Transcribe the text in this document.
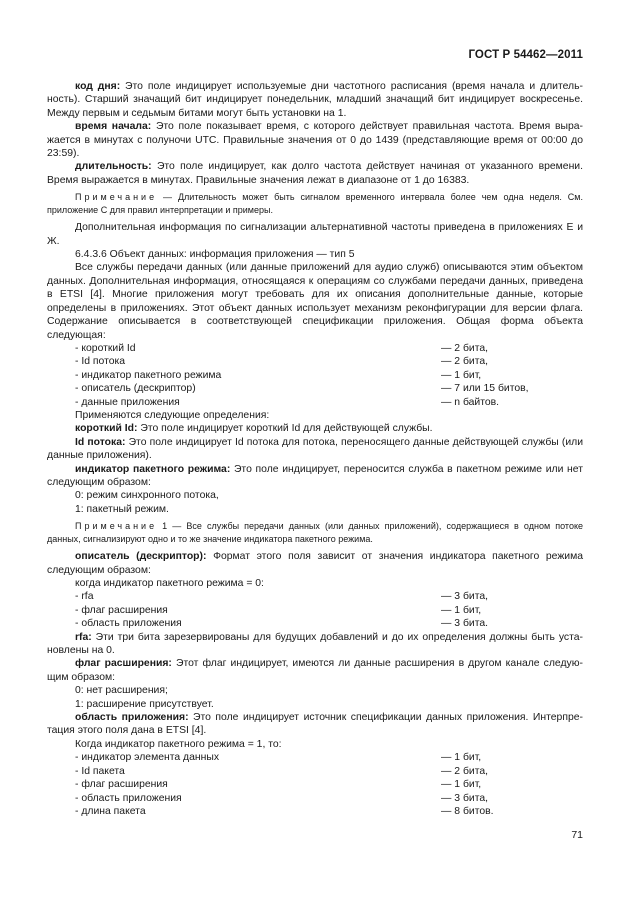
ГОСТ Р 54462—2011

код дня: Это поле индицирует используемые дни частотного расписания (время начала и длительность). Старший значащий бит индицирует понедельник, младший значащий бит индицирует воскресенье. Между первым и седьмым битами могут быть установки на 1.

время начала: Это поле показывает время, с которого действует правильная частота. Время выражается в минутах с полуночи UTC. Правильные значения от 0 до 1439 (представляющие время от 00:00 до 23:59).

длительность: Это поле индицирует, как долго частота действует начиная от указанного времени. Время выражается в минутах. Правильные значения лежат в диапазоне от 1 до 16383.

Примечание — Длительность может быть сигналом временного интервала более чем одна неделя. См. приложение С для правил интерпретации и примеры.

Дополнительная информация по сигнализации альтернативной частоты приведена в приложениях Е и Ж.

6.4.3.6 Объект данных: информация приложения — тип 5

Все службы передачи данных (или данные приложений для аудио служб) описываются этим объектом данных. Дополнительная информация, относящаяся к операциям со службами передачи данных, приведена в ETSI [4]. Многие приложения могут требовать для их описания дополнительные данные, которые определены в приложениях. Этот объект данных использует механизм реконфигурации для версии флага. Содержание описывается в соответствующей спецификации приложения. Общая форма объекта следующая:

- короткий Id	— 2 бита,
- Id потока	— 2 бита,
- индикатор пакетного режима	— 1 бит,
- описатель (дескриптор)	— 7 или 15 битов,
- данные приложения	— n байтов.

Применяются следующие определения:

короткий Id: Это поле индицирует короткий Id для действующей службы.

Id потока: Это поле индицирует Id потока для потока, переносящего данные действующей службы (или данные приложения).

индикатор пакетного режима: Это поле индицирует, переносится служба в пакетном режиме или нет следующим образом:

0: режим синхронного потока,

1: пакетный режим.

Примечание 1 — Все службы передачи данных (или данных приложений), содержащиеся в одном потоке данных, сигнализируют одно и то же значение индикатора пакетного режима.

описатель (дескриптор): Формат этого поля зависит от значения индикатора пакетного режима следующим образом:

когда индикатор пакетного режима = 0:

- rfa	— 3 бита,
- флаг расширения	— 1 бит,
- область приложения	— 3 бита.

rfa: Эти три бита зарезервированы для будущих добавлений и до их определения должны быть установлены на 0.

флаг расширения: Этот флаг индицирует, имеются ли данные расширения в другом канале следующим образом:

0: нет расширения;

1: расширение присутствует.

область приложения: Это поле индицирует источник спецификации данных приложения. Интерпретация этого поля дана в ETSI [4].

Когда индикатор пакетного режима = 1, то:

- индикатор элемента данных	— 1 бит,
- Id пакета	— 2 бита,
- флаг расширения	— 1 бит,
- область приложения	— 3 бита,
- длина пакета	— 8 битов.
71
